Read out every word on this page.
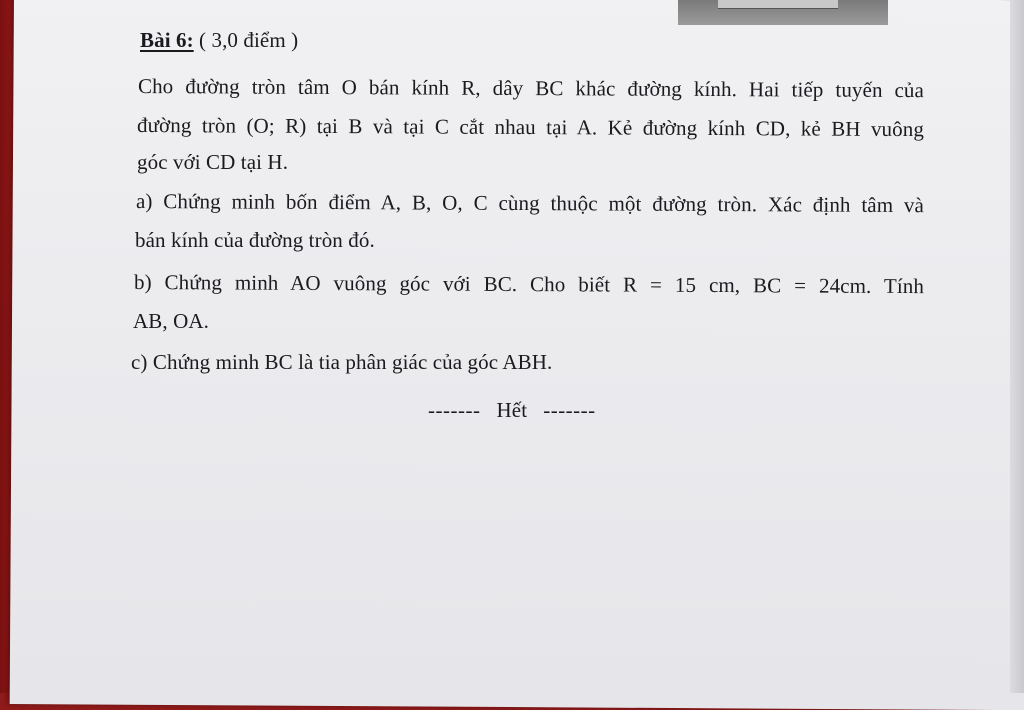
Bài 6: ( 3,0 điểm )
Cho đường tròn tâm O bán kính R, dây BC khác đường kính. Hai tiếp tuyến của
đường tròn (O; R) tại B và tại C cắt nhau tại A. Kẻ đường kính CD, kẻ BH vuông
góc với CD tại H.
a) Chứng minh bốn điểm A, B, O, C cùng thuộc một đường tròn. Xác định tâm và
bán kính của đường tròn đó.
b) Chứng minh AO vuông góc với BC. Cho biết R = 15 cm, BC = 24cm. Tính
AB, OA.
c) Chứng minh BC là tia phân giác của góc ABH.
------- Hết -------
